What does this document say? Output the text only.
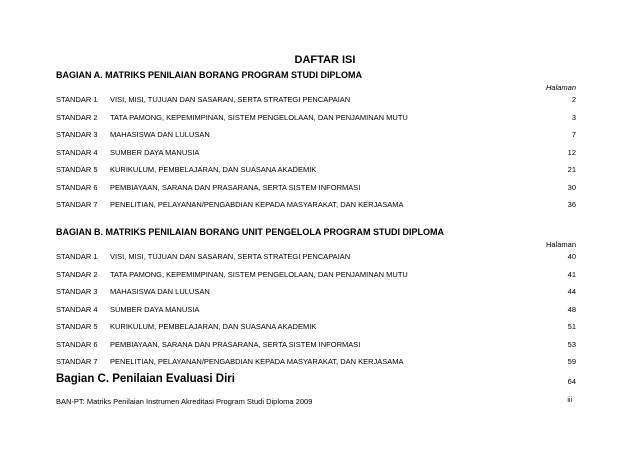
DAFTAR ISI
BAGIAN A. MATRIKS PENILAIAN BORANG PROGRAM STUDI DIPLOMA
Halaman
STANDAR 1 VISI, MISI, TUJUAN DAN SASARAN, SERTA STRATEGI PENCAPAIAN	2
STANDAR 2 TATA PAMONG, KEPEMIMPINAN, SISTEM PENGELOLAAN, DAN PENJAMINAN MUTU	3
STANDAR 3 MAHASISWA DAN LULUSAN	7
STANDAR 4 SUMBER DAYA MANUSIA	12
STANDAR 5 KURIKULUM, PEMBELAJARAN, DAN SUASANA AKADEMIK	21
STANDAR 6 PEMBIAYAAN, SARANA DAN PRASARANA, SERTA SISTEM INFORMASI	30
STANDAR 7 PENELITIAN, PELAYANAN/PENGABDIAN KEPADA MASYARAKAT, DAN KERJASAMA	36
BAGIAN B. MATRIKS PENILAIAN BORANG UNIT PENGELOLA PROGRAM STUDI DIPLOMA
Halaman
STANDAR 1 VISI, MISI, TUJUAN DAN SASARAN, SERTA STRATEGI PENCAPAIAN	40
STANDAR 2 TATA PAMONG, KEPEMIMPINAN, SISTEM PENGELOLAAN, DAN PENJAMINAN MUTU	41
STANDAR 3 MAHASISWA DAN LULUSAN	44
STANDAR 4 SUMBER DAYA MANUSIA	48
STANDAR 5 KURIKULUM, PEMBELAJARAN, DAN SUASANA AKADEMIK	51
STANDAR 6 PEMBIAYAAN, SARANA DAN PRASARANA, SERTA SISTEM INFORMASI	53
STANDAR 7 PENELITIAN, PELAYANAN/PENGABDIAN KEPADA MASYARAKAT, DAN KERJASAMA	59
Bagian C. Penilaian Evaluasi Diri	64
BAN-PT: Matriks Penilaian Instrumen Akreditasi Program Studi Diploma 2009	iii
